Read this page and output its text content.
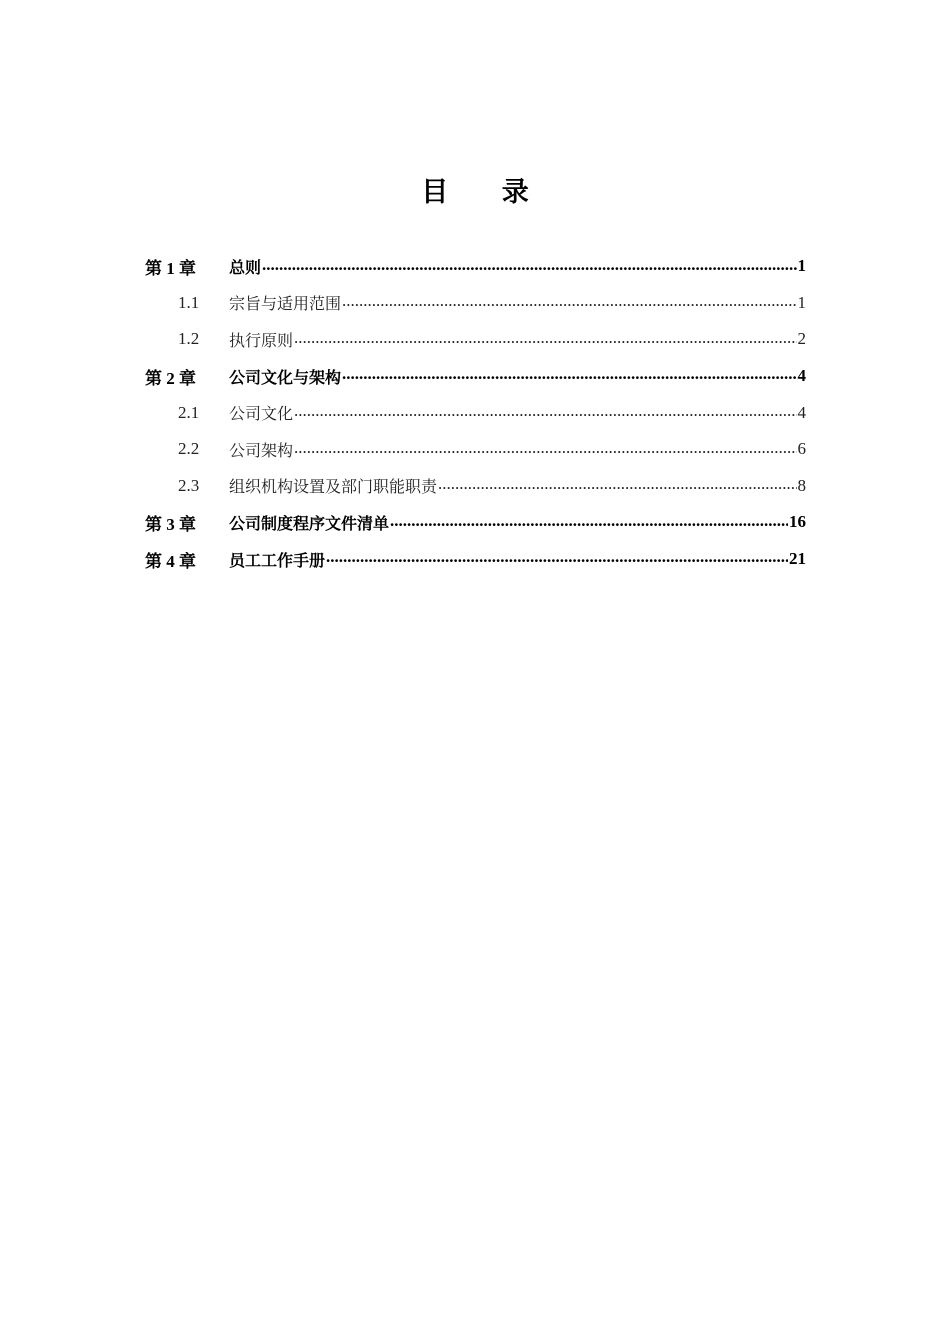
目 录
第 1 章	总则 .....	1
1.1	宗旨与适用范围 .....	1
1.2	执行原则 .....	2
第 2 章	公司文化与架构 .....	4
2.1	公司文化 .....	4
2.2	公司架构 .....	6
2.3	组织机构设置及部门职能职责 .....	8
第 3 章	公司制度程序文件清单 .....	16
第 4 章	员工工作手册 .....	21
